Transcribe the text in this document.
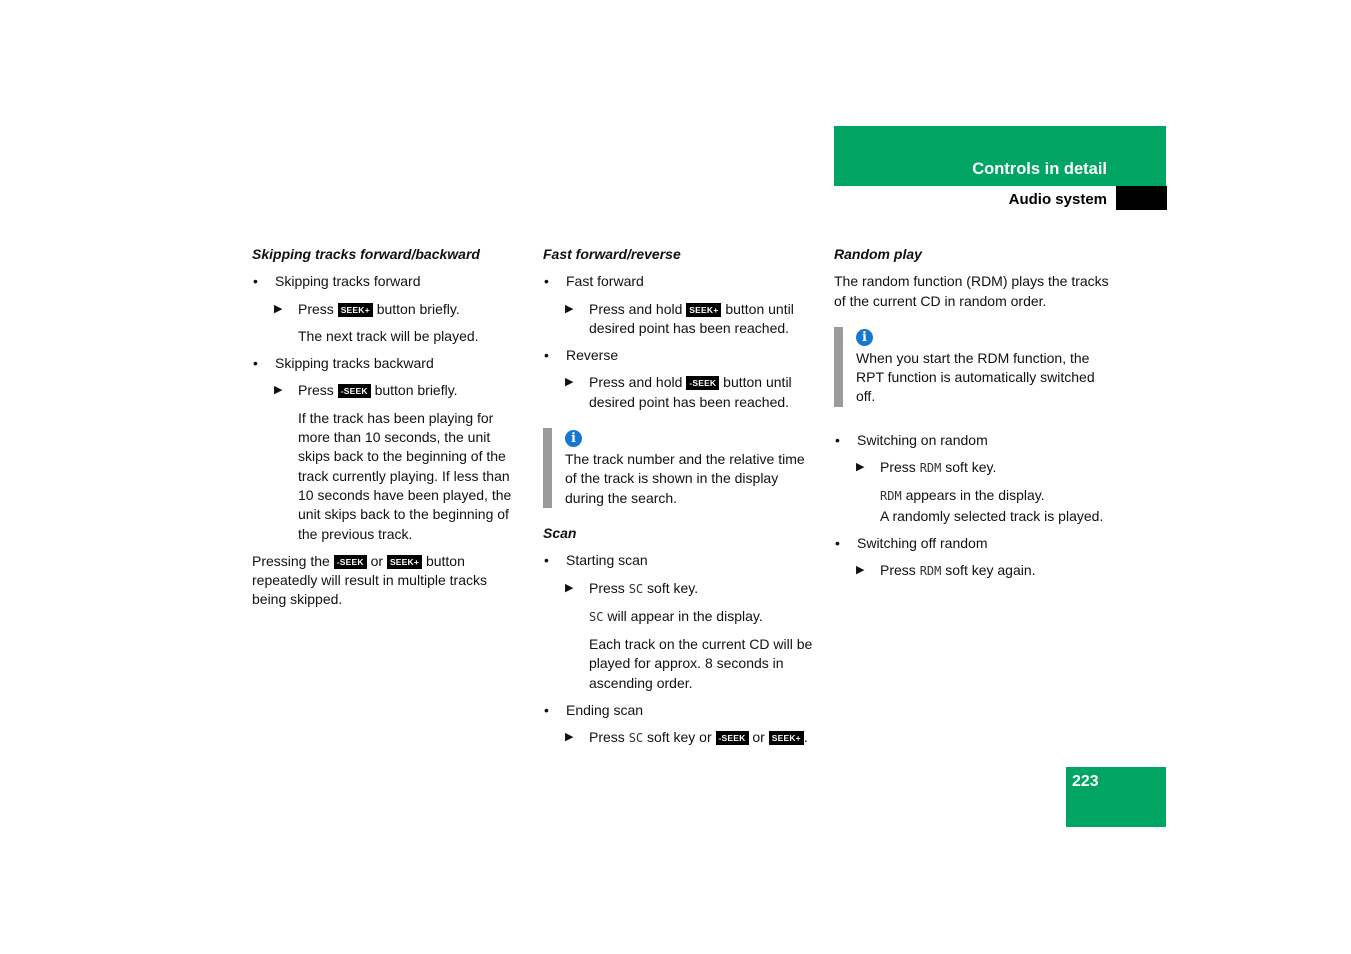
Controls in detail
Audio system
Skipping tracks forward/backward
• Skipping tracks forward
▶ Press SEEK+ button briefly.
The next track will be played.
• Skipping tracks backward
▶ Press -SEEK button briefly.
If the track has been playing for more than 10 seconds, the unit skips back to the beginning of the track currently playing. If less than 10 seconds have been played, the unit skips back to the beginning of the previous track.
Pressing the -SEEK or SEEK+ button repeatedly will result in multiple tracks being skipped.
Fast forward/reverse
• Fast forward
▶ Press and hold SEEK+ button until desired point has been reached.
• Reverse
▶ Press and hold -SEEK button until desired point has been reached.
i
The track number and the relative time of the track is shown in the display during the search.
Scan
• Starting scan
▶ Press SC soft key.
SC will appear in the display.
Each track on the current CD will be played for approx. 8 seconds in ascending order.
• Ending scan
▶ Press SC soft key or -SEEK or SEEK+ .
Random play
The random function (RDM) plays the tracks of the current CD in random order.
i
When you start the RDM function, the RPT function is automatically switched off.
• Switching on random
▶ Press RDM soft key.
RDM appears in the display.
A randomly selected track is played.
• Switching off random
▶ Press RDM soft key again.
223
